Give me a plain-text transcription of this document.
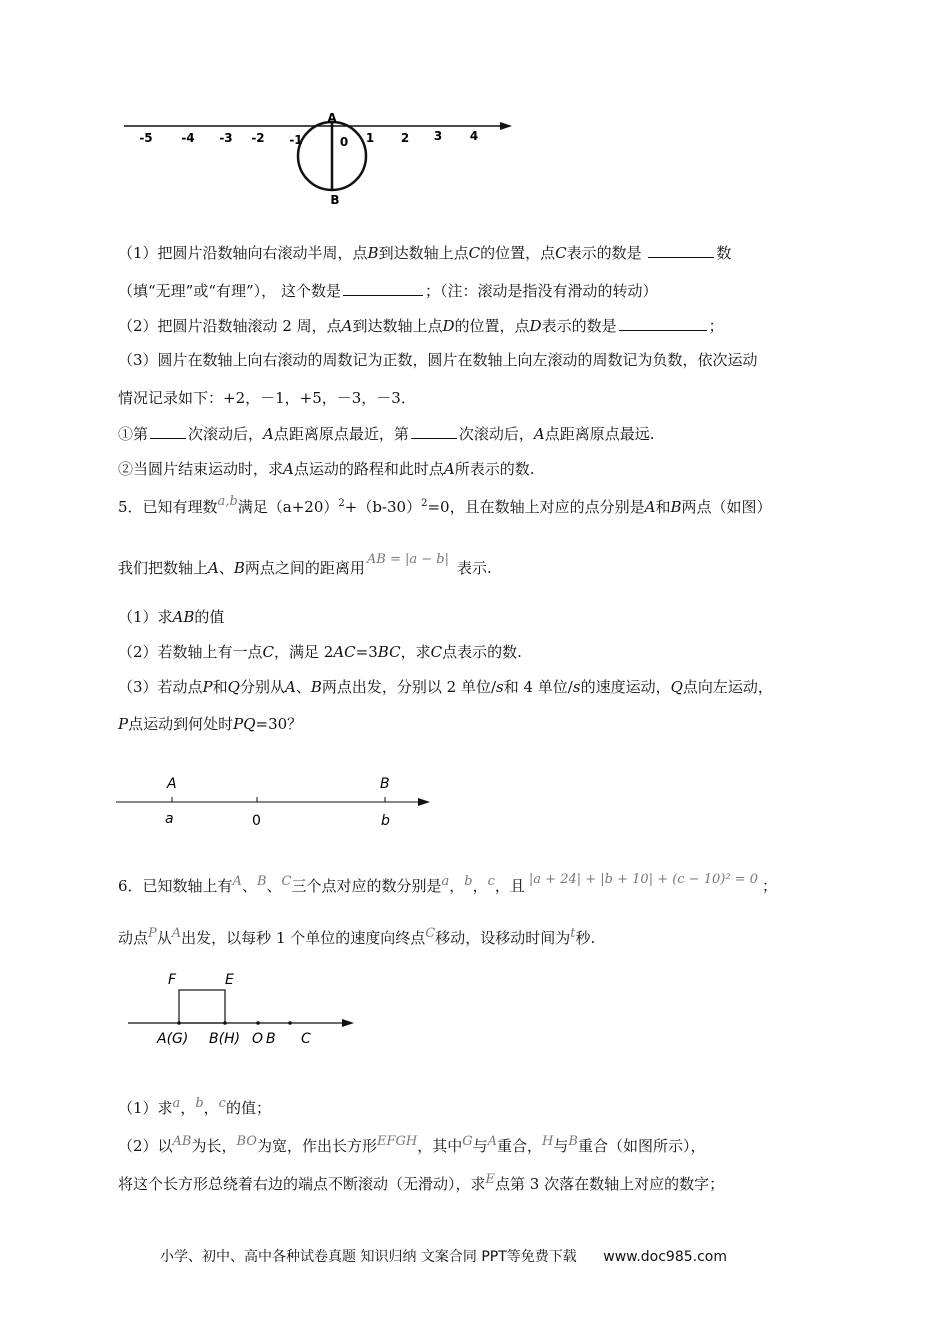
-5 -4 -3 -2 -1	0 1 2 3 4
A
B
（1）把圆片沿数轴向右滚动半周，点B到达数轴上点C的位置，点C表示的数是	数
（填“无理”或“有理”）， 这个数是	；（注：滚动是指没有滑动的转动）
（2）把圆片沿数轴滚动 2 周，点A到达数轴上点D的位置，点D表示的数是	；
（3）圆片在数轴上向右滚动的周数记为正数，圆片在数轴上向左滚动的周数记为负数，依次运动
情况记录如下：+2，－1，+5，－3，－3．
①第	次滚动后，A点距离原点最近，第	次滚动后，A点距离原点最远.
②当圆片结束运动时，求A点运动的路程和此时点A所表示的数.
5．已知有理数a,b满足$(a+20)^2+(b-30)^2=0$，且在数轴上对应的点分别是A和B两点（如图）
我们把数轴上A、B两点之间的距离用 AB = |a − b| 表示.
（1）求AB的值
（2）若数轴上有一点C，满足 2AC=3BC，求C点表示的数.
（3）若动点P和Q分别从A、B两点出发，分别以 2 单位/s和 4 单位/s的速度运动，Q点向左运动，
P点运动到何处时PQ=30？
A	B
a	0	b
6．已知数轴上有A、B、C三个点对应的数分别是a，b，c，且 |a + 24| + |b + 10| + (c − 10)² = 0 ；
动点P从A出发，以每秒 1 个单位的速度向终点C移动，设移动时间为t秒.
F	E
A(G) B(H) O B C
（1）求a，b，c的值；
（2）以AB为长，BO为宽，作出长方形EFGH，其中G与A重合，H与B重合（如图所示），
将这个长方形总绕着右边的端点不断滚动（无滑动），求E点第 3 次落在数轴上对应的数字；
小学、初中、高中各种试卷真题 知识归纳 文案合同 PPT等免费下载 www.doc985.com
